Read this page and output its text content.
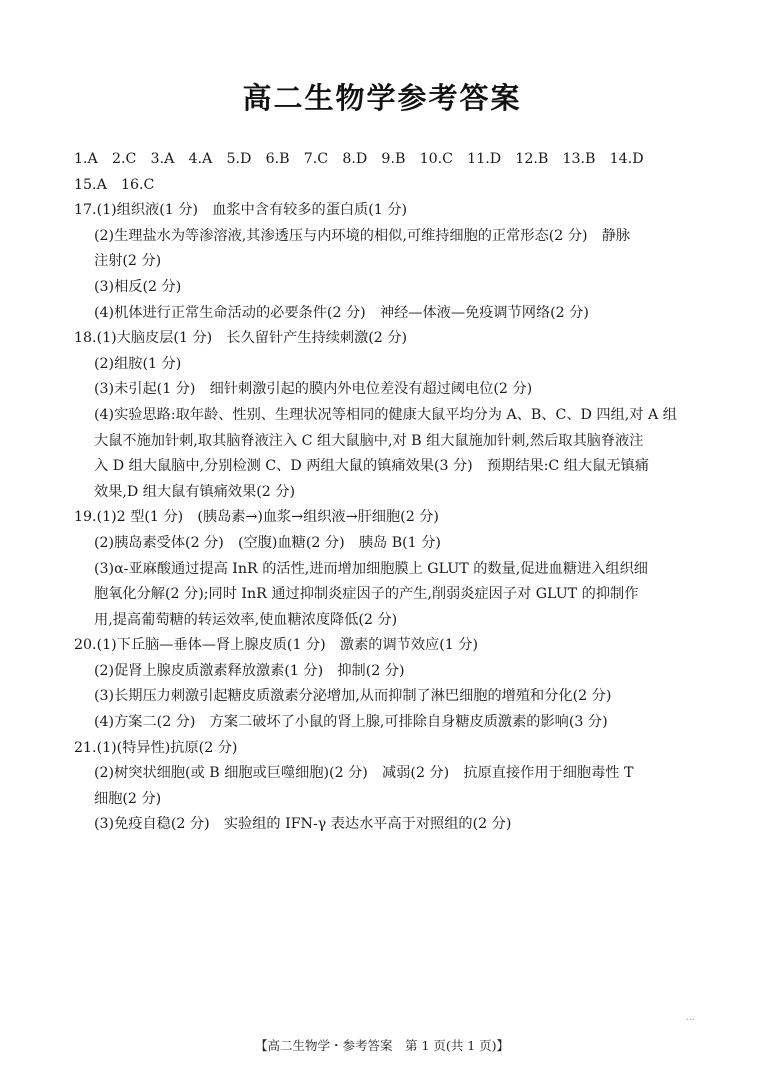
高二生物学参考答案
1.A　2.C　3.A　4.A　5.D　6.B　7.C　8.D　9.B　10.C　11.D　12.B　13.B　14.D
15.A　16.C
17.(1)组织液(1 分)　血浆中含有较多的蛋白质(1 分)
(2)生理盐水为等渗溶液,其渗透压与内环境的相似,可维持细胞的正常形态(2 分)　静脉
注射(2 分)
(3)相反(2 分)
(4)机体进行正常生命活动的必要条件(2 分)　神经—体液—免疫调节网络(2 分)
18.(1)大脑皮层(1 分)　长久留针产生持续刺激(2 分)
(2)组胺(1 分)
(3)未引起(1 分)　细针刺激引起的膜内外电位差没有超过阈电位(2 分)
(4)实验思路:取年龄、性别、生理状况等相同的健康大鼠平均分为 A、B、C、D 四组,对 A 组
大鼠不施加针刺,取其脑脊液注入 C 组大鼠脑中,对 B 组大鼠施加针刺,然后取其脑脊液注
入 D 组大鼠脑中,分别检测 C、D 两组大鼠的镇痛效果(3 分)　预期结果:C 组大鼠无镇痛
效果,D 组大鼠有镇痛效果(2 分)
19.(1)2 型(1 分)　(胰岛素→)血浆→组织液→肝细胞(2 分)
(2)胰岛素受体(2 分)　(空腹)血糖(2 分)　胰岛 B(1 分)
(3)α-亚麻酸通过提高 InR 的活性,进而增加细胞膜上 GLUT 的数量,促进血糖进入组织细
胞氧化分解(2 分);同时 InR 通过抑制炎症因子的产生,削弱炎症因子对 GLUT 的抑制作
用,提高葡萄糖的转运效率,使血糖浓度降低(2 分)
20.(1)下丘脑—垂体—肾上腺皮质(1 分)　激素的调节效应(1 分)
(2)促肾上腺皮质激素释放激素(1 分)　抑制(2 分)
(3)长期压力刺激引起糖皮质激素分泌增加,从而抑制了淋巴细胞的增殖和分化(2 分)
(4)方案二(2 分)　方案二破坏了小鼠的肾上腺,可排除自身糖皮质激素的影响(3 分)
21.(1)(特异性)抗原(2 分)
(2)树突状细胞(或 B 细胞或巨噬细胞)(2 分)　减弱(2 分)　抗原直接作用于细胞毒性 T
细胞(2 分)
(3)免疫自稳(2 分)　实验组的 IFN-γ 表达水平高于对照组的(2 分)
...
【高二生物学・参考答案　第 1 页(共 1 页)】
